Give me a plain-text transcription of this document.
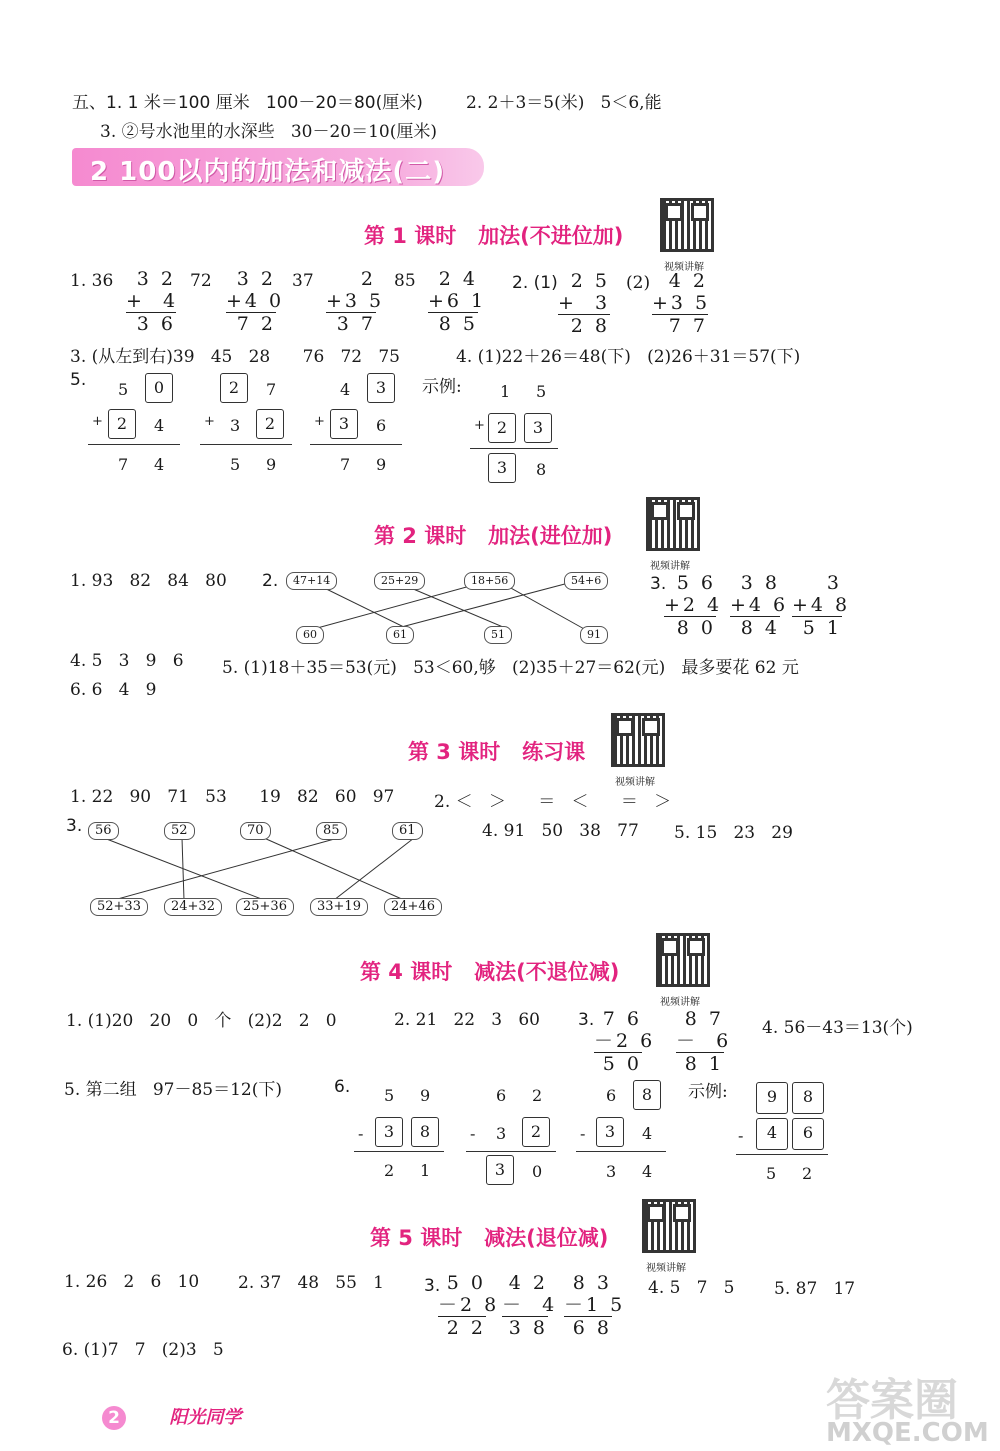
五、1. 1 米＝100 厘米   100－20＝80(厘米)	2. 2＋3＝5(米)   5＜6,能
3. ②号水池里的水深些   30－20＝10(厘米)
2 100以内的加法和减法(二)
第 1 课时   加法(不进位加)
视频讲解
1. 36	3 2
+  4
3 6
72	3 2
+4 0
7 2
37	2
+3 5
3 7
85	2 4
+6 1
8 5
2. (1) 2 5
+  3
2 8
(2) 4 2
+3 5
7 7
3. (从左到右)39   45   28      76   72   75	4. (1)22＋26＝48(下)   (2)26＋31＝57(下)
5. 5	0
+ 2	4
7 4
2	7
+ 3	2
5 9
4	3
+ 3	6
7 9
示例: 1 5
+ 2	3
3	8
第 2 课时   加法(进位加)
视频讲解
1. 93   82   84   80 2.	47+14	25+29	18+56	54+6
60	61	51	91
3. 5 6
+2 4
8 0
3 8
+4 6
8 4
3
+4 8
5 1
4. 5   3   9   6 5. (1)18＋35＝53(元)   53＜60,够   (2)35＋27＝62(元)   最多要花 62 元
6. 6   4   9
第 3 课时   练习课
视频讲解
1. 22   90   71   53      19   82   60   97 2. ＜   ＞      ＝   ＜      ＝   ＞
3. 56	52	70	85	61
52+33	24+32	25+36	33+19	24+46
4. 91   50   38   77 5. 15   23   29
第 4 课时   减法(不退位减)
视频讲解
1. (1)20   20   0   个   (2)2   2   0	2. 21   22   3   60 3. 7 6
－2 6
5 0
8 7
－  6
8 1
4. 56－43＝13(个)
5. 第二组   97－85＝12(下)	6. 5 9
-	3	8
2 1
6 2
- 3	2
3	0
6	8
-	3	4
3 4
示例:	9	8
-	4	6
5 2
第 5 课时   减法(退位减)
视频讲解
1. 26   2   6   10 2. 37   48   55   1 3. 5 0
－2 8
2 2
4 2
－  4
3 8
8 3
－1 5
6 8
4. 5   7   5 5. 87   17
6. (1)7   7   (2)3   5
2	阳光同学	答案圈
MXQE.COM
